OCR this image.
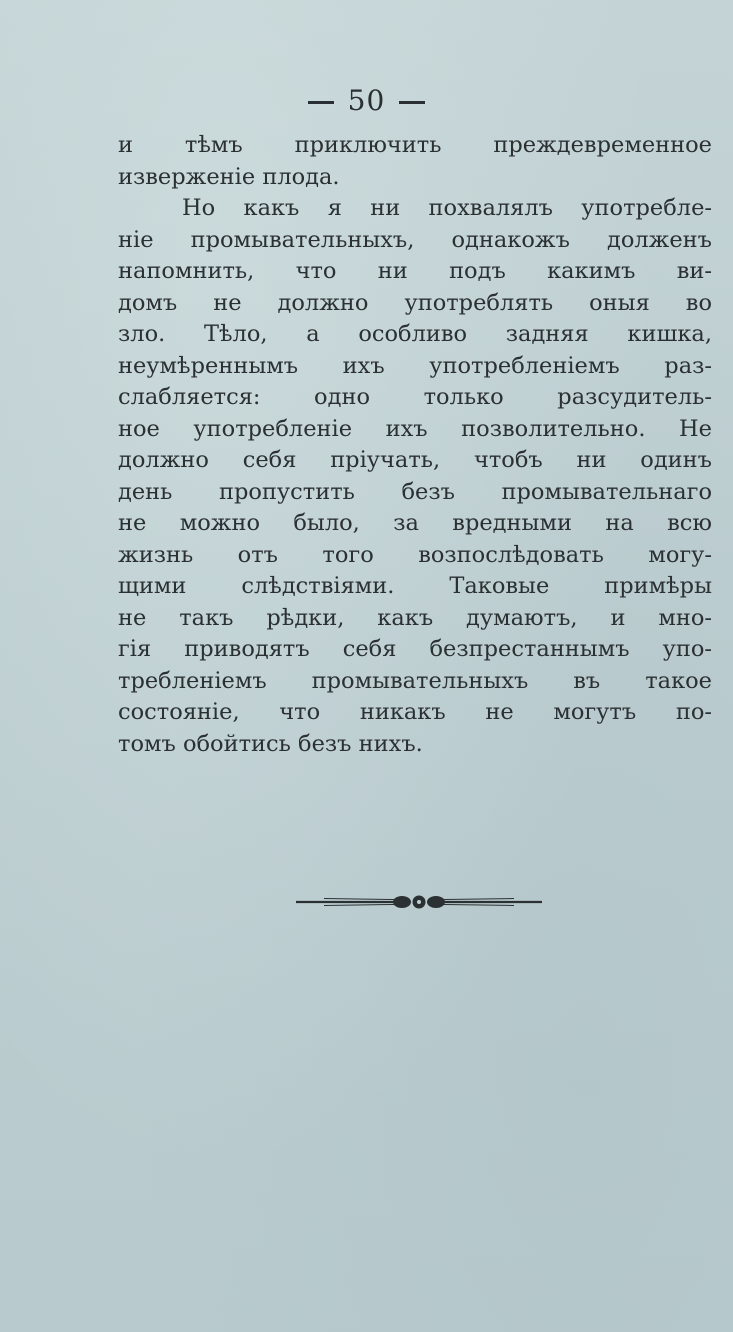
50
и тѣмъ приключить преждевременное
изверженіе плода.
Но какъ я ни похвалялъ употребле-
ніе промывательныхъ, однакожъ долженъ
напомнить, что ни подъ какимъ ви-
домъ не должно употреблять оныя во
зло. Тѣло, а особливо задняя кишка,
неумѣреннымъ ихъ употребленіемъ раз-
слабляется: одно только разсудитель-
ное употребленіе ихъ позволительно. Не
должно себя пріучать, чтобъ ни одинъ
день пропустить безъ промывательнаго
не можно было, за вредными на всю
жизнь отъ того возпослѣдовать могу-
щими слѣдствіями. Таковые примѣры
не такъ рѣдки, какъ думаютъ, и мно-
гія приводятъ себя безпрестаннымъ упо-
требленіемъ промывательныхъ въ такое
состояніе, что никакъ не могутъ по-
томъ обойтись безъ нихъ.
